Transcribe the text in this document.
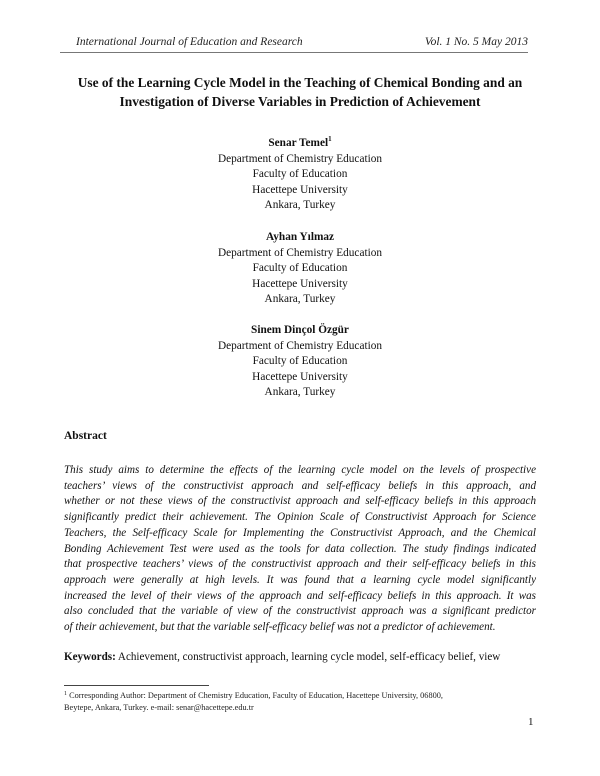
International Journal of Education and Research	Vol. 1 No. 5 May 2013
Use of the Learning Cycle Model in the Teaching of Chemical Bonding and an
Investigation of Diverse Variables in Prediction of Achievement
Senar Temel$^1$
Department of Chemistry Education
Faculty of Education
Hacettepe University
Ankara, Turkey
Ayhan Yılmaz
Department of Chemistry Education
Faculty of Education
Hacettepe University
Ankara, Turkey
Sinem Dinçol Özgür
Department of Chemistry Education
Faculty of Education
Hacettepe University
Ankara, Turkey
Abstract
This study aims to determine the effects of the learning cycle model on the levels of prospective
teachers’ views of the constructivist approach and self-efficacy beliefs in this approach, and
whether or not these views of the constructivist approach and self-efficacy beliefs in this approach
significantly predict their achievement. The Opinion Scale of Constructivist Approach for Science
Teachers, the Self-efficacy Scale for Implementing the Constructivist Approach, and the Chemical
Bonding Achievement Test were used as the tools for data collection. The study findings indicated
that prospective teachers’ views of the constructivist approach and their self-efficacy beliefs in this
approach were generally at high levels. It was found that a learning cycle model significantly
increased the level of their views of the approach and self-efficacy beliefs in this approach. It was
also concluded that the variable of view of the constructivist approach was a significant predictor
of their achievement, but that the variable self-efficacy belief was not a predictor of achievement.
Keywords: Achievement, constructivist approach, learning cycle model, self-efficacy belief, view
$^1$ Corresponding Author: Department of Chemistry Education, Faculty of Education, Hacettepe University, 06800,
Beytepe, Ankara, Turkey. e-mail: senar@hacettepe.edu.tr
1
